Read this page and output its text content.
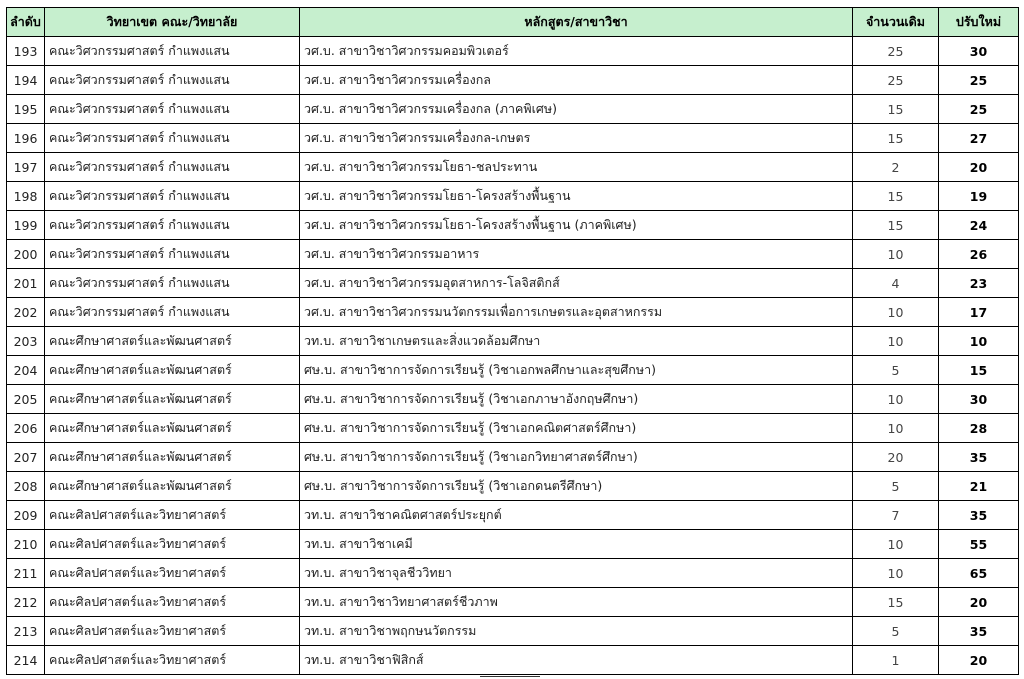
ลำดับ	วิทยาเขต คณะ/วิทยาลัย	หลักสูตร/สาขาวิชา	จำนวนเดิม	ปรับใหม่
193	คณะวิศวกรรมศาสตร์ กำแพงแสน	วศ.บ. สาขาวิชาวิศวกรรมคอมพิวเตอร์	25	30
194	คณะวิศวกรรมศาสตร์ กำแพงแสน	วศ.บ. สาขาวิชาวิศวกรรมเครื่องกล	25	25
195	คณะวิศวกรรมศาสตร์ กำแพงแสน	วศ.บ. สาขาวิชาวิศวกรรมเครื่องกล (ภาคพิเศษ)	15	25
196	คณะวิศวกรรมศาสตร์ กำแพงแสน	วศ.บ. สาขาวิชาวิศวกรรมเครื่องกล-เกษตร	15	27
197	คณะวิศวกรรมศาสตร์ กำแพงแสน	วศ.บ. สาขาวิชาวิศวกรรมโยธา-ชลประทาน	2	20
198	คณะวิศวกรรมศาสตร์ กำแพงแสน	วศ.บ. สาขาวิชาวิศวกรรมโยธา-โครงสร้างพื้นฐาน	15	19
199	คณะวิศวกรรมศาสตร์ กำแพงแสน	วศ.บ. สาขาวิชาวิศวกรรมโยธา-โครงสร้างพื้นฐาน (ภาคพิเศษ)	15	24
200	คณะวิศวกรรมศาสตร์ กำแพงแสน	วศ.บ. สาขาวิชาวิศวกรรมอาหาร	10	26
201	คณะวิศวกรรมศาสตร์ กำแพงแสน	วศ.บ. สาขาวิชาวิศวกรรมอุตสาหการ-โลจิสติกส์	4	23
202	คณะวิศวกรรมศาสตร์ กำแพงแสน	วศ.บ. สาขาวิชาวิศวกรรมนวัตกรรมเพื่อการเกษตรและอุตสาหกรรม	10	17
203	คณะศึกษาศาสตร์และพัฒนศาสตร์	วท.บ. สาขาวิชาเกษตรและสิ่งแวดล้อมศึกษา	10	10
204	คณะศึกษาศาสตร์และพัฒนศาสตร์	ศษ.บ. สาขาวิชาการจัดการเรียนรู้ (วิชาเอกพลศึกษาและสุขศึกษา)	5	15
205	คณะศึกษาศาสตร์และพัฒนศาสตร์	ศษ.บ. สาขาวิชาการจัดการเรียนรู้ (วิชาเอกภาษาอังกฤษศึกษา)	10	30
206	คณะศึกษาศาสตร์และพัฒนศาสตร์	ศษ.บ. สาขาวิชาการจัดการเรียนรู้ (วิชาเอกคณิตศาสตร์ศึกษา)	10	28
207	คณะศึกษาศาสตร์และพัฒนศาสตร์	ศษ.บ. สาขาวิชาการจัดการเรียนรู้ (วิชาเอกวิทยาศาสตร์ศึกษา)	20	35
208	คณะศึกษาศาสตร์และพัฒนศาสตร์	ศษ.บ. สาขาวิชาการจัดการเรียนรู้ (วิชาเอกดนตรีศึกษา)	5	21
209	คณะศิลปศาสตร์และวิทยาศาสตร์	วท.บ. สาขาวิชาคณิตศาสตร์ประยุกต์	7	35
210	คณะศิลปศาสตร์และวิทยาศาสตร์	วท.บ. สาขาวิชาเคมี	10	55
211	คณะศิลปศาสตร์และวิทยาศาสตร์	วท.บ. สาขาวิชาจุลชีววิทยา	10	65
212	คณะศิลปศาสตร์และวิทยาศาสตร์	วท.บ. สาขาวิชาวิทยาศาสตร์ชีวภาพ	15	20
213	คณะศิลปศาสตร์และวิทยาศาสตร์	วท.บ. สาขาวิชาพฤกษนวัตกรรม	5	35
214	คณะศิลปศาสตร์และวิทยาศาสตร์	วท.บ. สาขาวิชาฟิสิกส์	1	20
